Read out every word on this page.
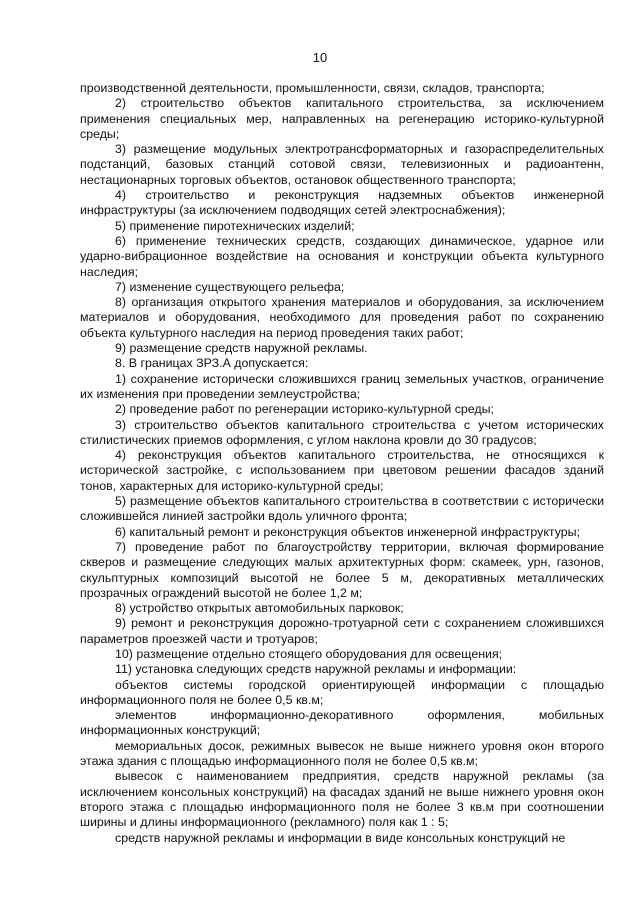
10

производственной деятельности, промышленности, связи, складов, транспорта;

2) строительство объектов капитального строительства, за исключением применения специальных мер, направленных на регенерацию историко-культурной среды;

3) размещение модульных электротрансформаторных и газораспределительных подстанций, базовых станций сотовой связи, телевизионных и радиоантенн, нестационарных торговых объектов, остановок общественного транспорта;

4) строительство и реконструкция надземных объектов инженерной инфраструктуры (за исключением подводящих сетей электроснабжения);

5) применение пиротехнических изделий;

6) применение технических средств, создающих динамическое, ударное или ударно-вибрационное воздействие на основания и конструкции объекта культурного наследия;

7) изменение существующего рельефа;

8) организация открытого хранения материалов и оборудования, за исключением материалов и оборудования, необходимого для проведения работ по сохранению объекта культурного наследия на период проведения таких работ;

9) размещение средств наружной рекламы.

8. В границах ЗРЗ.А допускается:

1) сохранение исторически сложившихся границ земельных участков, ограничение их изменения при проведении землеустройства;

2) проведение работ по регенерации историко-культурной среды;

3) строительство объектов капитального строительства с учетом исторических стилистических приемов оформления, с углом наклона кровли до 30 градусов;

4) реконструкция объектов капитального строительства, не относящихся к исторической застройке, с использованием при цветовом решении фасадов зданий тонов, характерных для историко-культурной среды;

5) размещение объектов капитального строительства в соответствии с исторически сложившейся линией застройки вдоль уличного фронта;

6) капитальный ремонт и реконструкция объектов инженерной инфраструктуры;

7) проведение работ по благоустройству территории, включая формирование скверов и размещение следующих малых архитектурных форм: скамеек, урн, газонов, скульптурных композиций высотой не более 5 м, декоративных металлических прозрачных ограждений высотой не более 1,2 м;

8) устройство открытых автомобильных парковок;

9) ремонт и реконструкция дорожно-тротуарной сети с сохранением сложившихся параметров проезжей части и тротуаров;

10) размещение отдельно стоящего оборудования для освещения;

11) установка следующих средств наружной рекламы и информации:

объектов системы городской ориентирующей информации с площадью информационного поля не более 0,5 кв.м;

элементов информационно-декоративного оформления, мобильных информационных конструкций;

мемориальных досок, режимных вывесок не выше нижнего уровня окон второго этажа здания с площадью информационного поля не более 0,5 кв.м;

вывесок с наименованием предприятия, средств наружной рекламы (за исключением консольных конструкций) на фасадах зданий не выше нижнего уровня окон второго этажа с площадью информационного поля не более 3 кв.м при соотношении ширины и длины информационного (рекламного) поля как 1 : 5;

средств наружной рекламы и информации в виде консольных конструкций не
